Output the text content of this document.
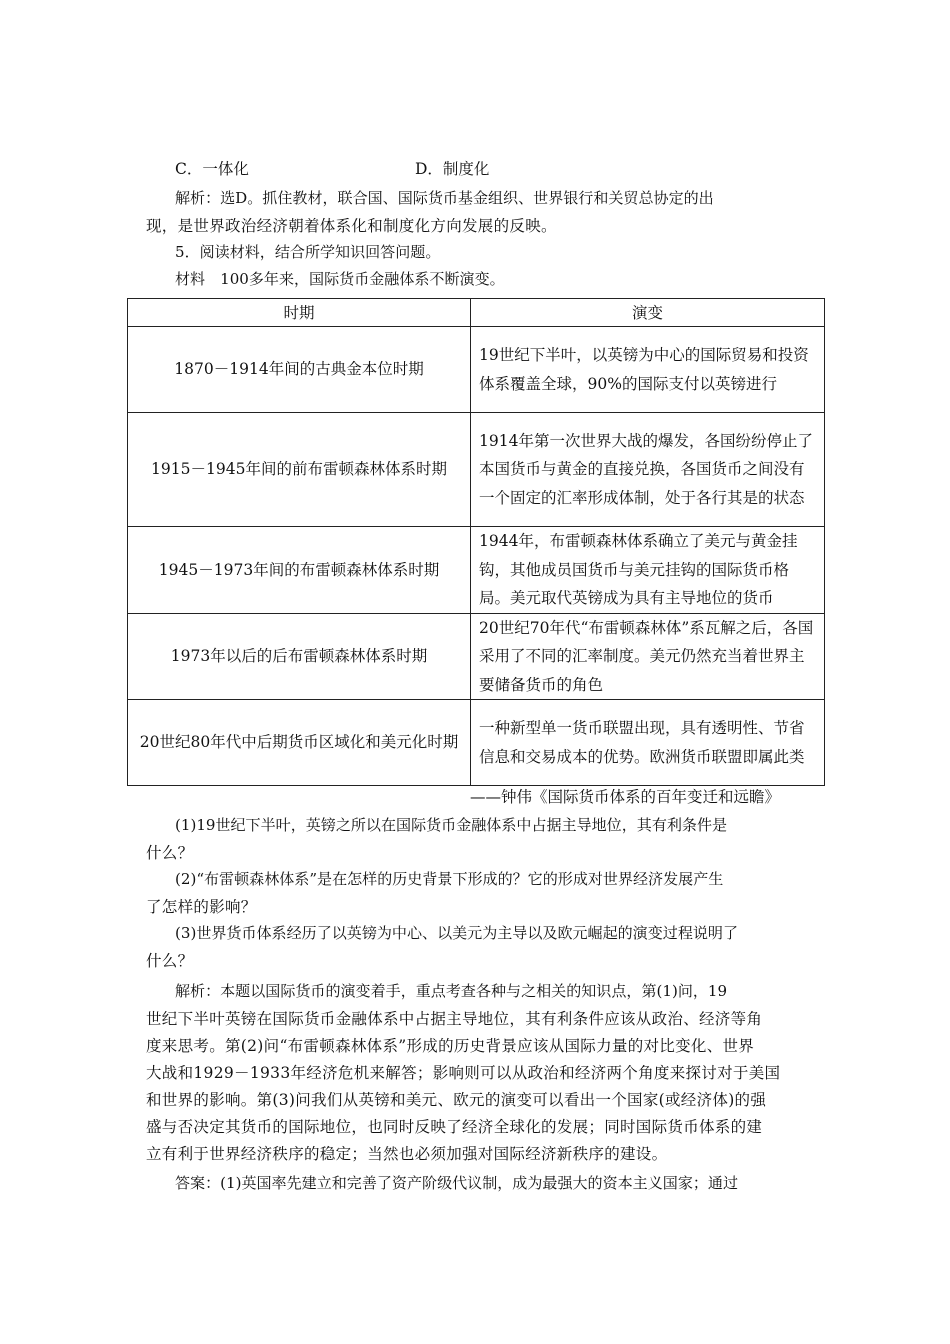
C．一体化	D．制度化
解析：选D。抓住教材，联合国、国际货币基金组织、世界银行和关贸总协定的出
现，是世界政治经济朝着体系化和制度化方向发展的反映。
5．阅读材料，结合所学知识回答问题。
材料　100多年来，国际货币金融体系不断演变。
时期	演变
1870－1914年间的古典金本位时期	19世纪下半叶，以英镑为中心的国际贸易和投资体系覆盖全球，90%的国际支付以英镑进行
1915－1945年间的前布雷顿森林体系时期	1914年第一次世界大战的爆发，各国纷纷停止了本国货币与黄金的直接兑换，各国货币之间没有一个固定的汇率形成体制，处于各行其是的状态
1945－1973年间的布雷顿森林体系时期	1944年，布雷顿森林体系确立了美元与黄金挂钩，其他成员国货币与美元挂钩的国际货币格局。美元取代英镑成为具有主导地位的货币
1973年以后的后布雷顿森林体系时期	20世纪70年代“布雷顿森林体”系瓦解之后，各国采用了不同的汇率制度。美元仍然充当着世界主要储备货币的角色
20世纪80年代中后期货币区域化和美元化时期	一种新型单一货币联盟出现，具有透明性、节省信息和交易成本的优势。欧洲货币联盟即属此类
——钟伟《国际货币体系的百年变迁和远瞻》
(1)19世纪下半叶，英镑之所以在国际货币金融体系中占据主导地位，其有利条件是
什么？
(2)“布雷顿森林体系”是在怎样的历史背景下形成的？它的形成对世界经济发展产生
了怎样的影响？
(3)世界货币体系经历了以英镑为中心、以美元为主导以及欧元崛起的演变过程说明了
什么？
解析：本题以国际货币的演变着手，重点考查各种与之相关的知识点，第(1)问，19
世纪下半叶英镑在国际货币金融体系中占据主导地位，其有利条件应该从政治、经济等角
度来思考。第(2)问“布雷顿森林体系”形成的历史背景应该从国际力量的对比变化、世界
大战和1929－1933年经济危机来解答；影响则可以从政治和经济两个角度来探讨对于美国
和世界的影响。第(3)问我们从英镑和美元、欧元的演变可以看出一个国家(或经济体)的强
盛与否决定其货币的国际地位，也同时反映了经济全球化的发展；同时国际货币体系的建
立有利于世界经济秩序的稳定；当然也必须加强对国际经济新秩序的建设。
答案：(1)英国率先建立和完善了资产阶级代议制，成为最强大的资本主义国家；通过
